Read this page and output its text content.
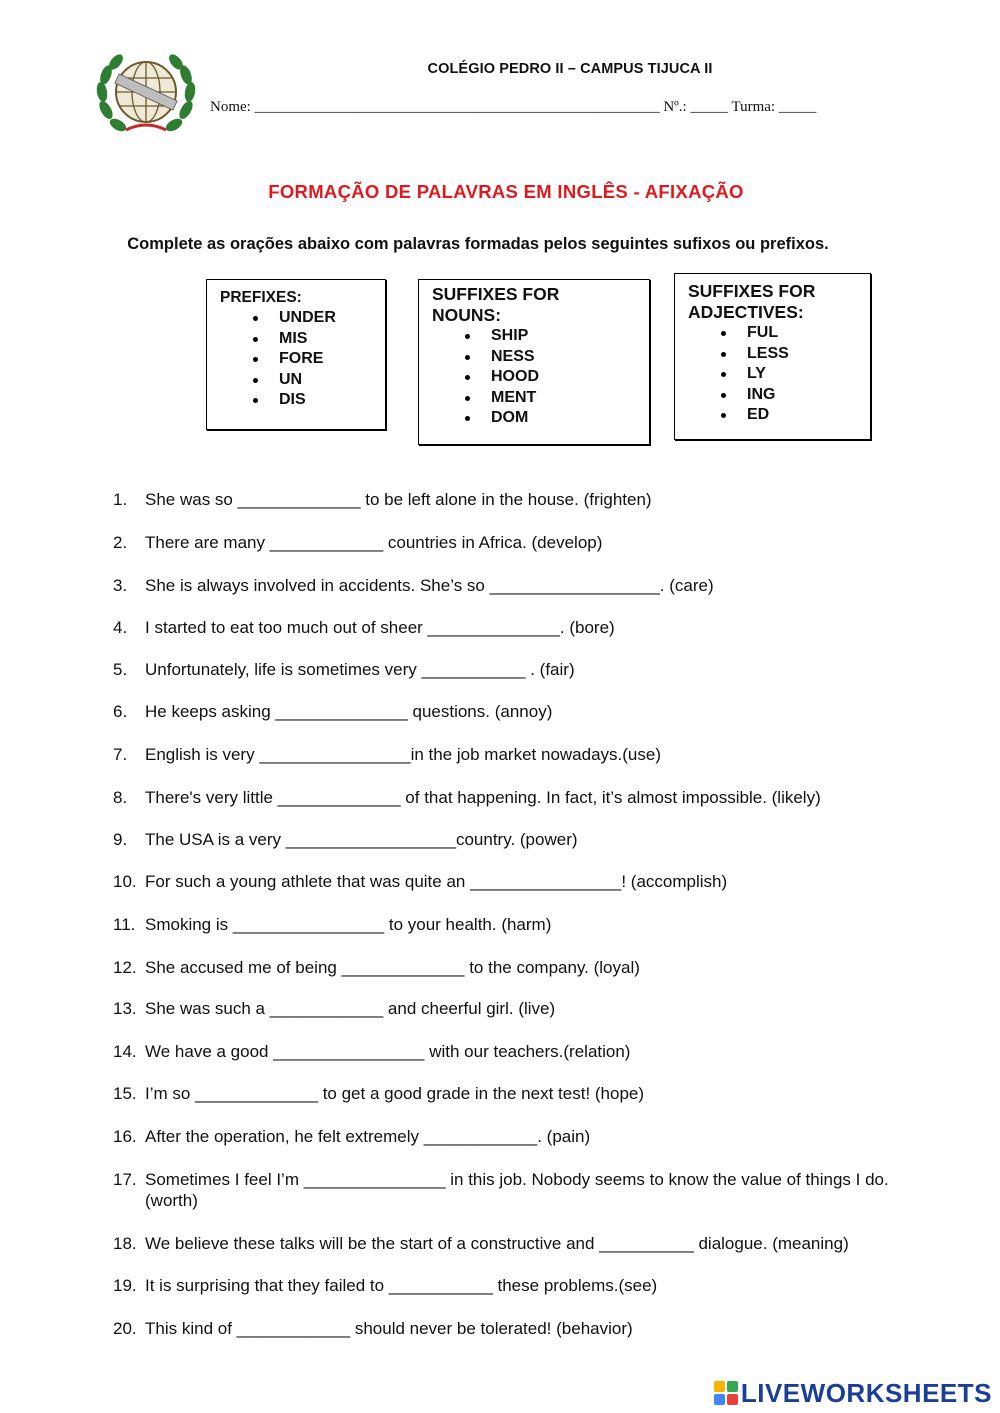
COLÉGIO PEDRO II – CAMPUS TIJUCA II
Nome: ______________________________________________________ Nº.: _____ Turma: _____
FORMAÇÃO DE PALAVRAS EM INGLÊS - AFIXAÇÃO
Complete as orações abaixo com palavras formadas pelos seguintes sufixos ou prefixos.
PREFIXES:
UNDER
MIS
FORE
UN
DIS
SUFFIXES FOR
NOUNS:
SHIP
NESS
HOOD
MENT
DOM
SUFFIXES FOR
ADJECTIVES:
FUL
LESS
LY
ING
ED
1.	She was so _____________ to be left alone in the house. (frighten)
2.	There are many ____________ countries in Africa. (develop)
3.	She is always involved in accidents. She’s so __________________. (care)
4.	I started to eat too much out of sheer ______________. (bore)
5.	Unfortunately, life is sometimes very ___________ . (fair)
6.	He keeps asking ______________ questions. (annoy)
7.	English is very ________________in the job market nowadays.(use)
8.	There's very little _____________ of that happening. In fact, it’s almost impossible. (likely)
9.	The USA is a very __________________country. (power)
10. For such a young athlete that was quite an ________________! (accomplish)
11. Smoking is ________________ to your health. (harm)
12. She accused me of being _____________ to the company. (loyal)
13. She was such a ____________ and cheerful girl. (live)
14. We have a good ________________ with our teachers.(relation)
15. I’m so _____________ to get a good grade in the next test! (hope)
16. After the operation, he felt extremely ____________. (pain)
17. Sometimes I feel I’m _______________ in this job. Nobody seems to know the value of things I do. (worth)
18. We believe these talks will be the start of a constructive and __________ dialogue. (meaning)
19. It is surprising that they failed to ___________ these problems.(see)
20. This kind of ____________ should never be tolerated! (behavior)
LIVEWORKSHEETS
